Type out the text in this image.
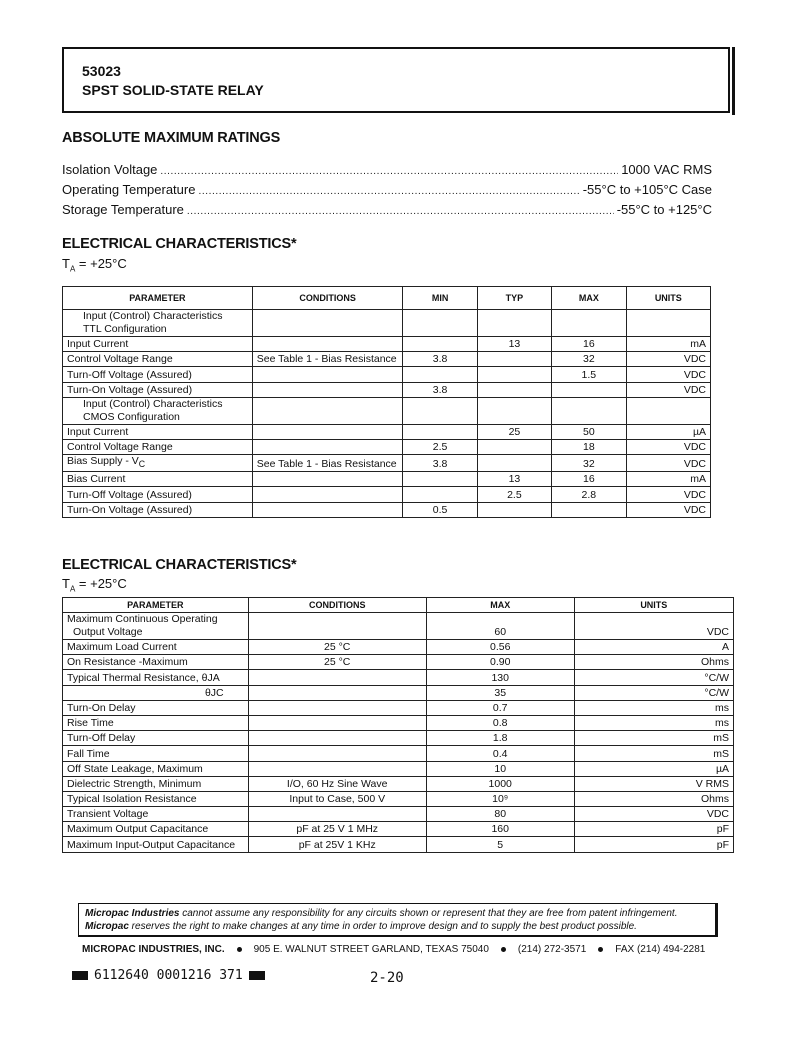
53023
SPST SOLID-STATE RELAY
ABSOLUTE MAXIMUM RATINGS
Isolation Voltage .....	1000 VAC RMS
Operating Temperature .....	-55°C to +105°C Case
Storage Temperature .....	-55°C to +125°C
ELECTRICAL CHARACTERISTICS*
$T_A = +25^\circ C$
PARAMETER	CONDITIONS	MIN	TYP	MAX	UNITS

Input (Control) Characteristics
TTL Configuration					

Input Current			13	16	mA
Control Voltage Range	See Table 1 - Bias Resistance	3.8		32	VDC
Turn-Off Voltage (Assured)				1.5	VDC
Turn-On Voltage (Assured)		3.8			VDC

Input (Control) Characteristics
CMOS Configuration					

Input Current			25	50	µA
Control Voltage Range		2.5		18	VDC
Bias Supply - $V_C$	See Table 1 - Bias Resistance	3.8		32	VDC
Bias Current			13	16	mA
Turn-Off Voltage (Assured)			2.5	2.8	VDC
Turn-On Voltage (Assured)		0.5			VDC
ELECTRICAL CHARACTERISTICS*
$T_A = +25^\circ C$
PARAMETER	CONDITIONS	MAX	UNITS

Maximum Continuous Operating
Output Voltage		60	VDC

Maximum Load Current	25 °C	0.56	A

On Resistance -Maximum	25 °C	0.90	Ohms

Typical Thermal Resistance, θJA		130	°C/W

θJC		35	°C/W

Turn-On Delay		0.7	ms

Rise Time		0.8	ms

Turn-Off Delay		1.8	mS

Fall Time		0.4	mS

Off State Leakage, Maximum		10	µA

Dielectric Strength, Minimum	I/O, 60 Hz Sine Wave	1000	V RMS

Typical Isolation Resistance	Input to Case, 500 V	10⁹	Ohms

Transient Voltage		80	VDC

Maximum Output Capacitance	pF at 25 V 1 MHz	160	pF

Maximum Input-Output Capacitance	pF at 25V 1 KHz	5	pF
Micropac Industries cannot assume any responsibility for any circuits shown or represent that they are free from patent infringement.
Micropac reserves the right to make changes at any time in order to improve design and to supply the best product possible.
MICROPAC INDUSTRIES, INC.	905 E. WALNUT STREET GARLAND, TEXAS 75040	(214) 272-3571	FAX (214) 494-2281
6112640 0001216 371	2-20
